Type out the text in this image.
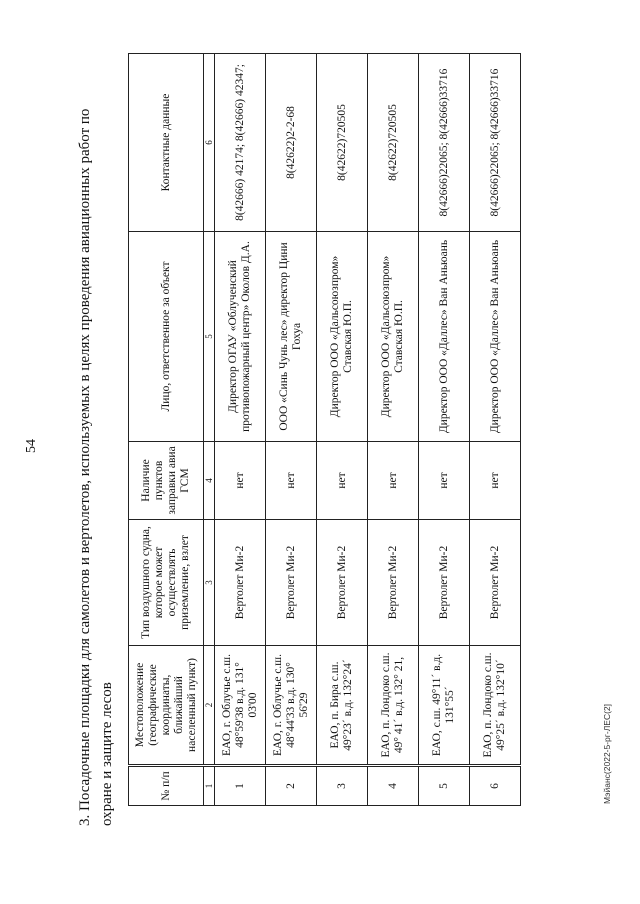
54	3. Посадочные площадки для самолетов и вертолетов, используемых в целях проведения авиационных работ по охране и защите лесов	№ п/п	Местоположение (географические координаты, ближайший населенный пункт)	Тип воздушного судна, которое может осуществлять приземление, взлет	Наличие пунктов заправки авиа ГСМ	Лицо, ответственное за объект	Контактные данные
1	2	3	4	5	6
1	ЕАО, г. Облучье с.ш. 48°59'38 в.д. 131° 03'00	Вертолет Ми-2	нет	Директор ОГАУ «Облученский противопожарный центр» Околов Д.А.	8(42666) 42174; 8(42666) 42347;
2	ЕАО, г. Облучье с.ш. 48°44'33 в.д. 130° 56'29	Вертолет Ми-2	нет	ООО «Синь Чунь лес» директор Цини Гохуа	8(42622)2-2-68
3	ЕАО, п. Бира с.ш. 49°23´ в.д. 132°24´	Вертолет Ми-2	нет	Директор ООО «Дальсоюзпром» Ставская Ю.П.	8(42622)720505
4	ЕАО, п. Лондоко с.ш. 49° 41´ в.д. 132° 21,	Вертолет Ми-2	нет	Директор ООО «Дальсоюзпром» Ставская Ю.П.	8(42622)720505
5	ЕАО, с.ш. 49°11´ в.д. 131°55´	Вертолет Ми-2	нет	Директор ООО «Даллес» Ван Аньюань	8(42666)22065; 8(42666)33716
6	ЕАО, п. Лондоко с.ш. 49°25´ в.д. 132°10´	Вертолет Ми-2	нет	Директор ООО «Даллес» Ван Аньюань	8(42666)22065; 8(42666)33716
Мэйанс(2022-5-рг-ЛЕС(2]
